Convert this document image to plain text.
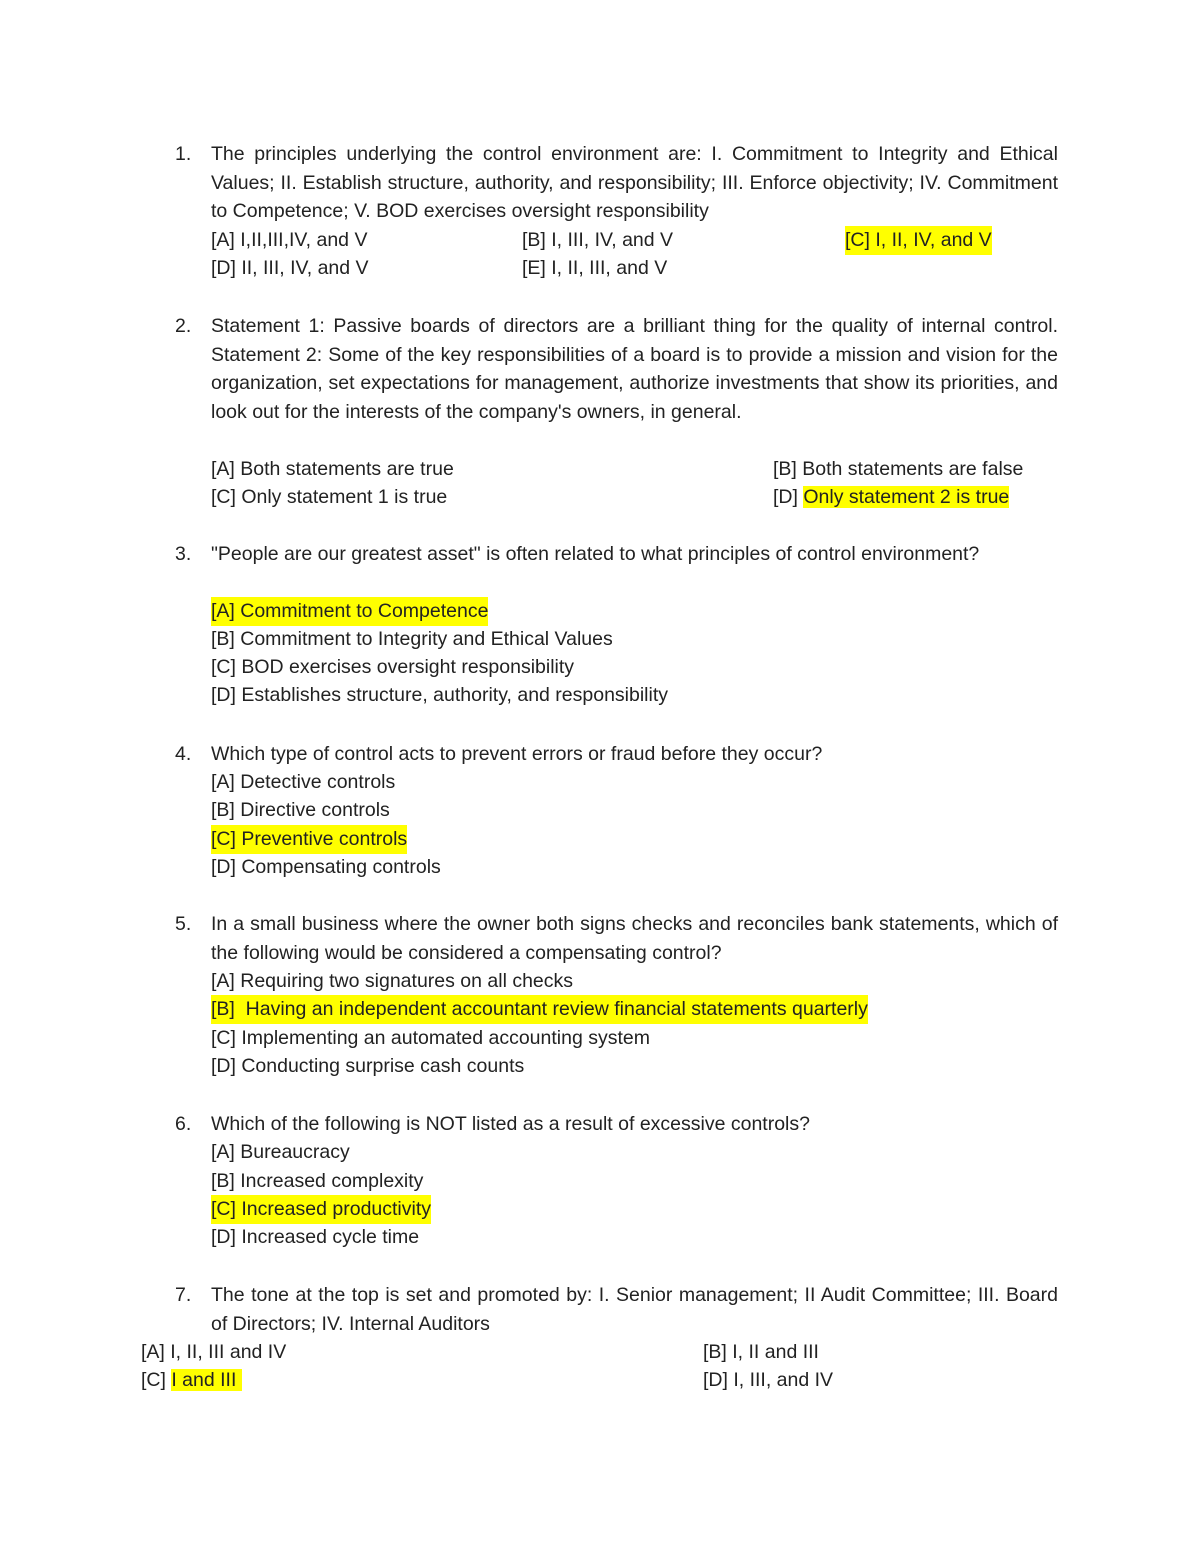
1. The principles underlying the control environment are: I. Commitment to Integrity and Ethical Values; II. Establish structure, authority, and responsibility; III. Enforce objectivity; IV. Commitment to Competence; V. BOD exercises oversight responsibility
[A] I,II,III,IV, and V	[B] I, III, IV, and V	[C] I, II, IV, and V
[D] II, III, IV, and V	[E] I, II, III, and V
2. Statement 1: Passive boards of directors are a brilliant thing for the quality of internal control. Statement 2: Some of the key responsibilities of a board is to provide a mission and vision for the organization, set expectations for management, authorize investments that show its priorities, and look out for the interests of the company's owners, in general.
[A] Both statements are true	[B] Both statements are false
[C] Only statement 1 is true	[D] Only statement 2 is true
3. "People are our greatest asset" is often related to what principles of control environment?
[A] Commitment to Competence
[B] Commitment to Integrity and Ethical Values
[C] BOD exercises oversight responsibility
[D] Establishes structure, authority, and responsibility
4. Which type of control acts to prevent errors or fraud before they occur?
[A] Detective controls
[B] Directive controls
[C] Preventive controls
[D] Compensating controls
5. In a small business where the owner both signs checks and reconciles bank statements, which of the following would be considered a compensating control?
[A] Requiring two signatures on all checks
[B]  Having an independent accountant review financial statements quarterly
[C] Implementing an automated accounting system
[D] Conducting surprise cash counts
6. Which of the following is NOT listed as a result of excessive controls?
[A] Bureaucracy
[B] Increased complexity
[C] Increased productivity
[D] Increased cycle time
7. The tone at the top is set and promoted by: I. Senior management; II Audit Committee; III. Board of Directors; IV. Internal Auditors
[A] I, II, III and IV	[B] I, II and III
[C] I and III	[D] I, III, and IV
